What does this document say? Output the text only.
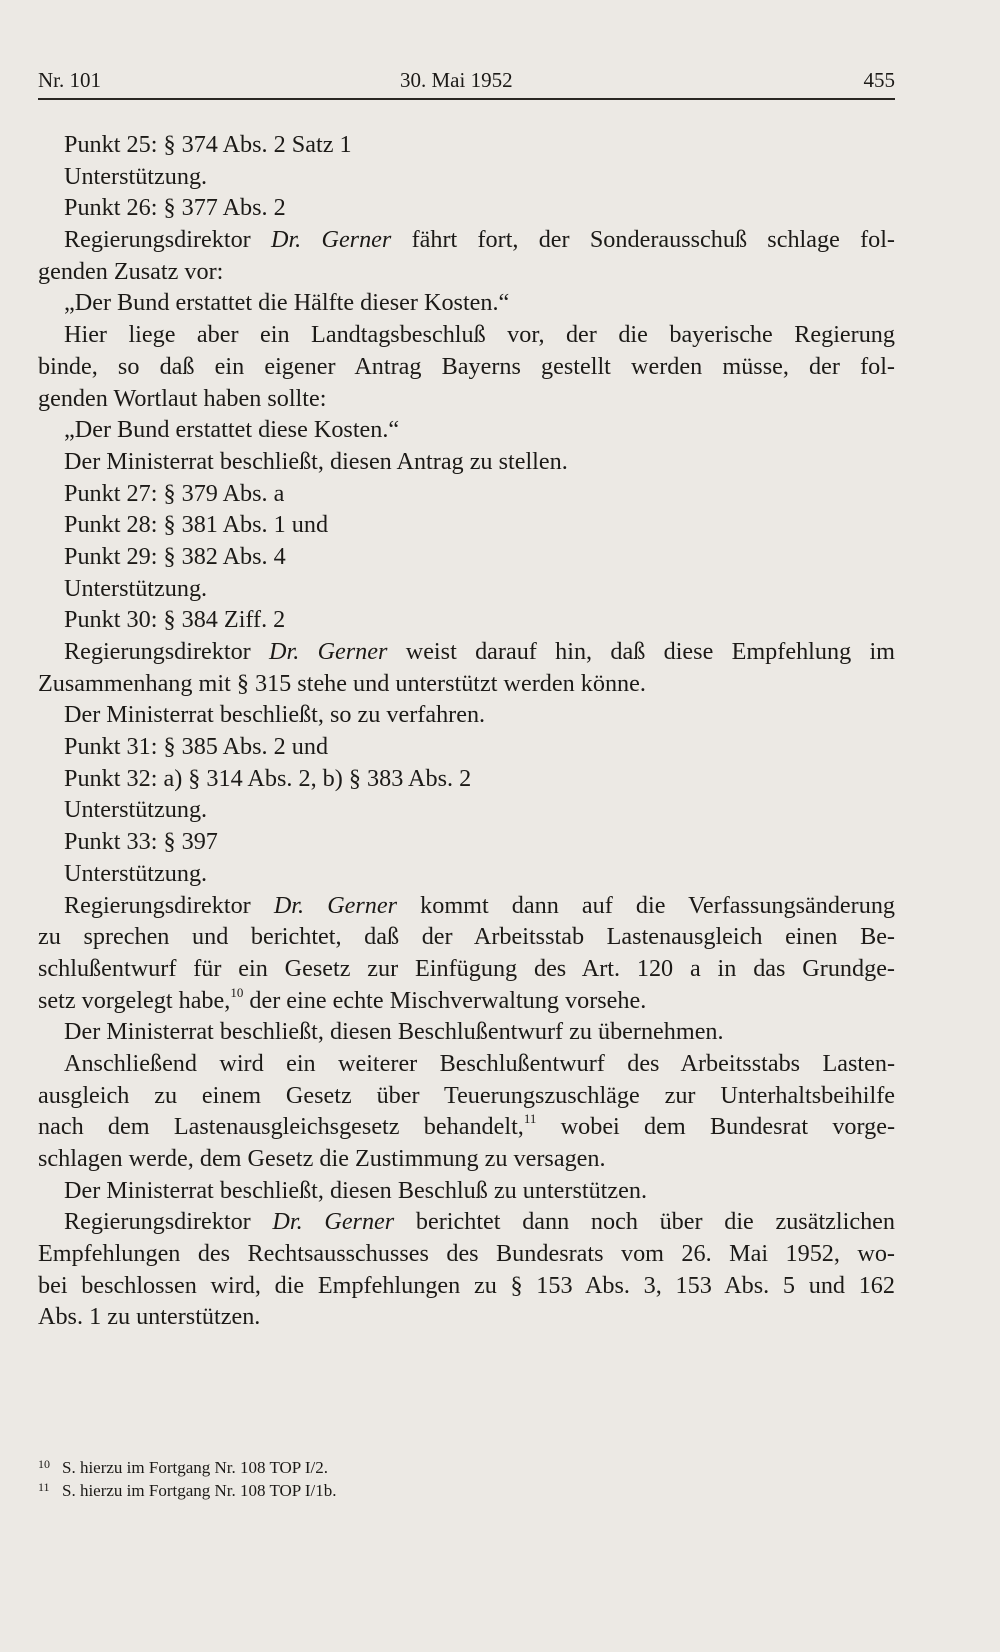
Nr. 101	30. Mai 1952	455
Punkt 25: § 374 Abs. 2 Satz 1
Unterstützung.
Punkt 26: § 377 Abs. 2
Regierungsdirektor Dr. Gerner fährt fort, der Sonderausschuß schlage fol-
genden Zusatz vor:
„Der Bund erstattet die Hälfte dieser Kosten.“
Hier liege aber ein Landtagsbeschluß vor, der die bayerische Regierung
binde, so daß ein eigener Antrag Bayerns gestellt werden müsse, der fol-
genden Wortlaut haben sollte:
„Der Bund erstattet diese Kosten.“
Der Ministerrat beschließt, diesen Antrag zu stellen.
Punkt 27: § 379 Abs. a
Punkt 28: § 381 Abs. 1 und
Punkt 29: § 382 Abs. 4
Unterstützung.
Punkt 30: § 384 Ziff. 2
Regierungsdirektor Dr. Gerner weist darauf hin, daß diese Empfehlung im
Zusammenhang mit § 315 stehe und unterstützt werden könne.
Der Ministerrat beschließt, so zu verfahren.
Punkt 31: § 385 Abs. 2 und
Punkt 32: a) § 314 Abs. 2, b) § 383 Abs. 2
Unterstützung.
Punkt 33: § 397
Unterstützung.
Regierungsdirektor Dr. Gerner kommt dann auf die Verfassungsänderung
zu sprechen und berichtet, daß der Arbeitsstab Lastenausgleich einen Be-
schlußentwurf für ein Gesetz zur Einfügung des Art. 120 a in das Grundge-
setz vorgelegt habe,$^{10}$ der eine echte Mischverwaltung vorsehe.
Der Ministerrat beschließt, diesen Beschlußentwurf zu übernehmen.
Anschließend wird ein weiterer Beschlußentwurf des Arbeitsstabs Lasten-
ausgleich zu einem Gesetz über Teuerungszuschläge zur Unterhaltsbeihilfe
nach dem Lastenausgleichsgesetz behandelt,$^{11}$ wobei dem Bundesrat vorge-
schlagen werde, dem Gesetz die Zustimmung zu versagen.
Der Ministerrat beschließt, diesen Beschluß zu unterstützen.
Regierungsdirektor Dr. Gerner berichtet dann noch über die zusätzlichen
Empfehlungen des Rechtsausschusses des Bundesrats vom 26. Mai 1952, wo-
bei beschlossen wird, die Empfehlungen zu § 153 Abs. 3, 153 Abs. 5 und 162
Abs. 1 zu unterstützen.
10 S. hierzu im Fortgang Nr. 108 TOP I/2.
11 S. hierzu im Fortgang Nr. 108 TOP I/1b.
